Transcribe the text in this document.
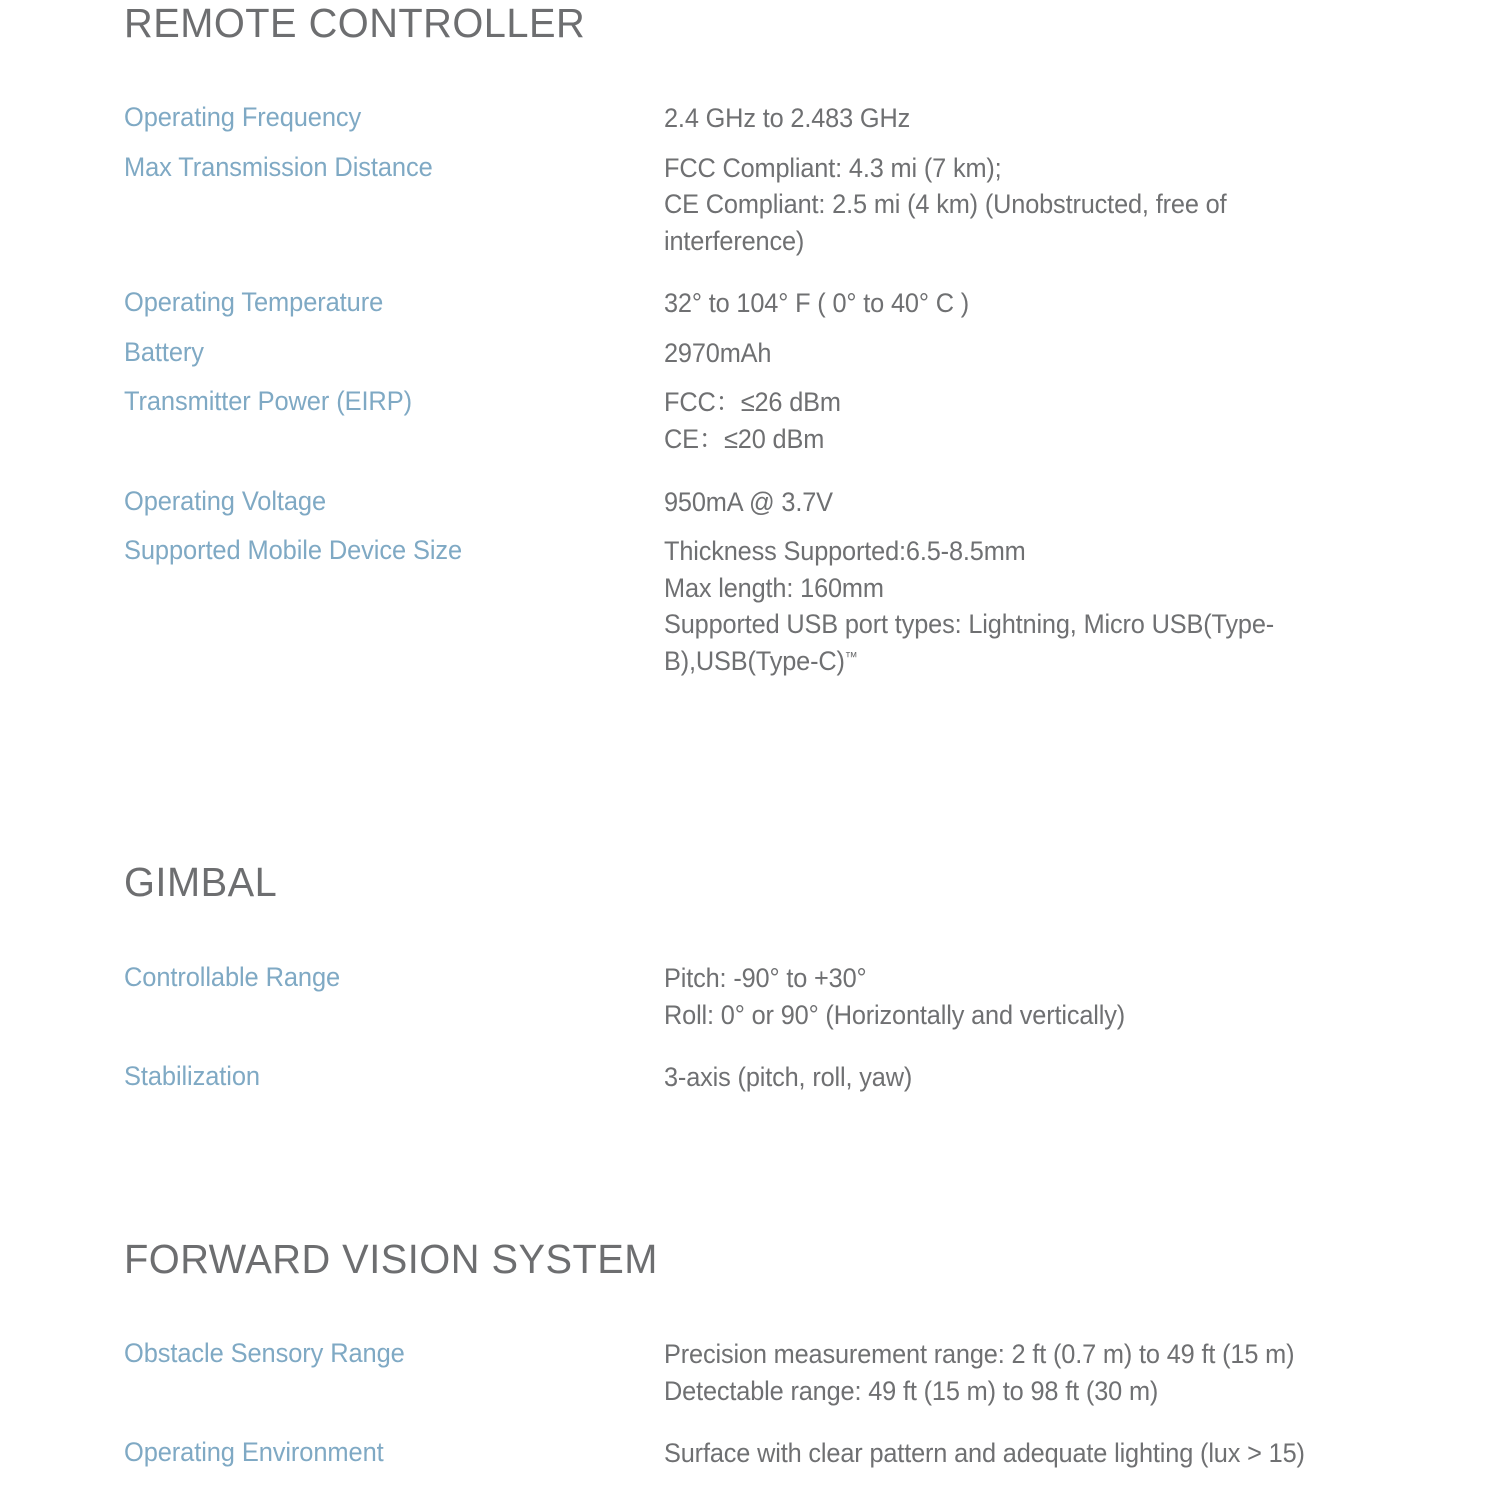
REMOTE CONTROLLER
Operating Frequency	2.4 GHz to 2.483 GHz
Max Transmission Distance	FCC Compliant: 4.3 mi (7 km);
CE Compliant: 2.5 mi (4 km) (Unobstructed, free of interference)
Operating Temperature	32° to 104° F ( 0° to 40° C )
Battery	2970mAh
Transmitter Power (EIRP)	FCC：≤26 dBm
CE：≤20 dBm
Operating Voltage	950mA @ 3.7V
Supported Mobile Device Size	Thickness Supported:6.5-8.5mm
Max length: 160mm
Supported USB port types: Lightning, Micro USB(Type-B),USB(Type-C)™
GIMBAL
Controllable Range	Pitch: -90° to +30°
Roll: 0° or 90° (Horizontally and vertically)
Stabilization	3-axis (pitch, roll, yaw)
FORWARD VISION SYSTEM
Obstacle Sensory Range	Precision measurement range: 2 ft (0.7 m) to 49 ft (15 m)
Detectable range: 49 ft (15 m) to 98 ft (30 m)
Operating Environment	Surface with clear pattern and adequate lighting (lux > 15)
